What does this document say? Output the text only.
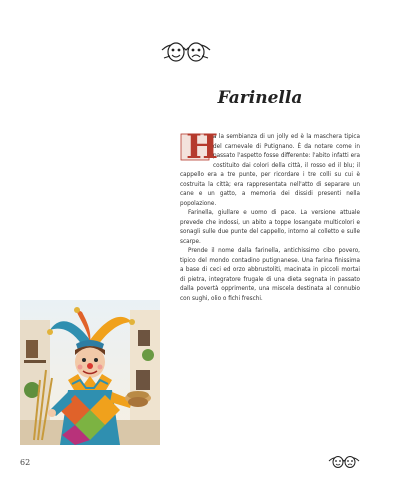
Farinella

H
a la sembianza di un jolly ed è la maschera tipica del carnevale di Putignano. È da notare come in passato l'aspetto fosse differente: l'abito infatti era costituito dai colori della città, il rosso ed il blu; il cappello era a tre punte, per ricordare i tre colli su cui è costruita la città; era rappresentata nell'atto di separare un cane e un gatto, a memoria dei dissidi presenti nella popolazione.

Farinella, giullare e uomo di pace. La versione attuale prevede che indossi, un abito a toppe losangate multicolori e sonagli sulle due punte del cappello, intorno al colletto e sulle scarpe.

Prende il nome dalla farinella, antichissimo cibo povero, tipico del mondo contadino putignanese. Una farina finissima a base di ceci ed orzo abbrustoliti, macinata in piccoli mortai di pietra, integratore frugale di una dieta segnata in passato dalla povertà opprimente, una miscela destinata al connubio con sughi, olio o fichi freschi.

62
